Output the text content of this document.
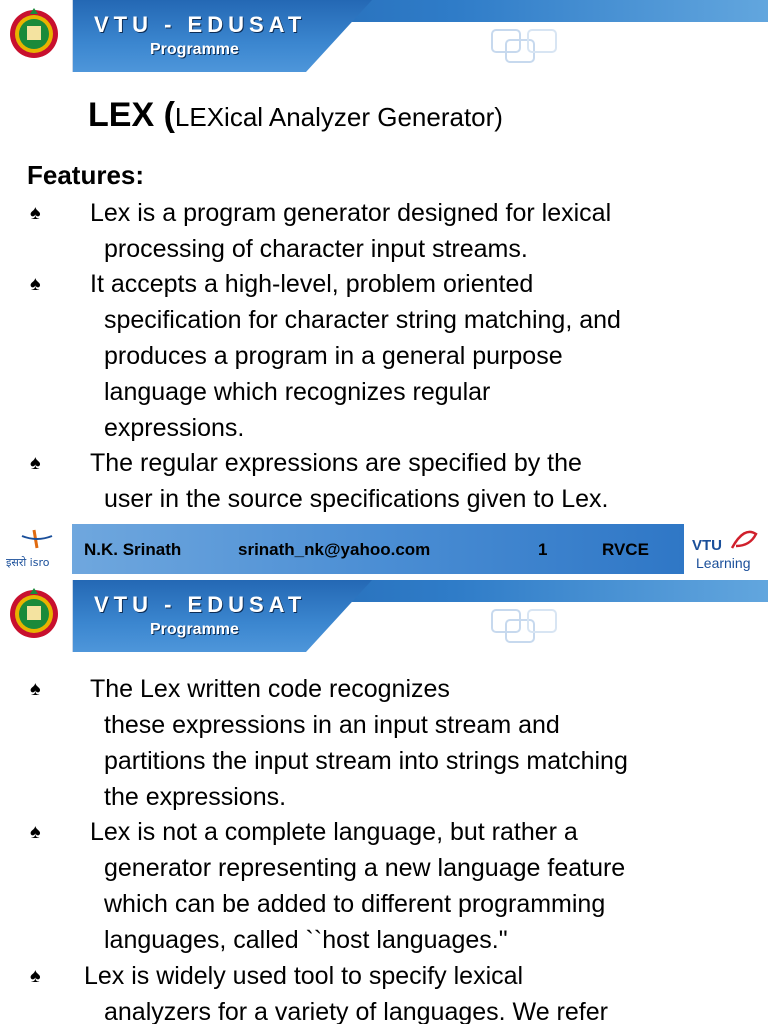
VTU - EDUSAT
Programme
LEX (LEXical Analyzer Generator)
Features:
♠	Lex is a program generator designed for lexical
processing of character input streams.
♠	It accepts a high-level, problem oriented
specification for character string matching, and
produces a program in a general purpose
language which recognizes regular
expressions.
♠	The regular expressions are specified by the
user in the source specifications given to Lex.
इसरो isro
N.K. Srinath	srinath_nk@yahoo.com	1	RVCE	VTU
Learning
VTU - EDUSAT
Programme
♠	The Lex written code recognizes
these expressions in an input stream and
partitions the input stream into strings matching
the expressions.
♠	Lex is not a complete language, but rather a
generator representing a new language feature
which can be added to different programming
languages, called ``host languages."
♠	Lex is widely used tool to specify lexical
analyzers for a variety of languages. We refer
